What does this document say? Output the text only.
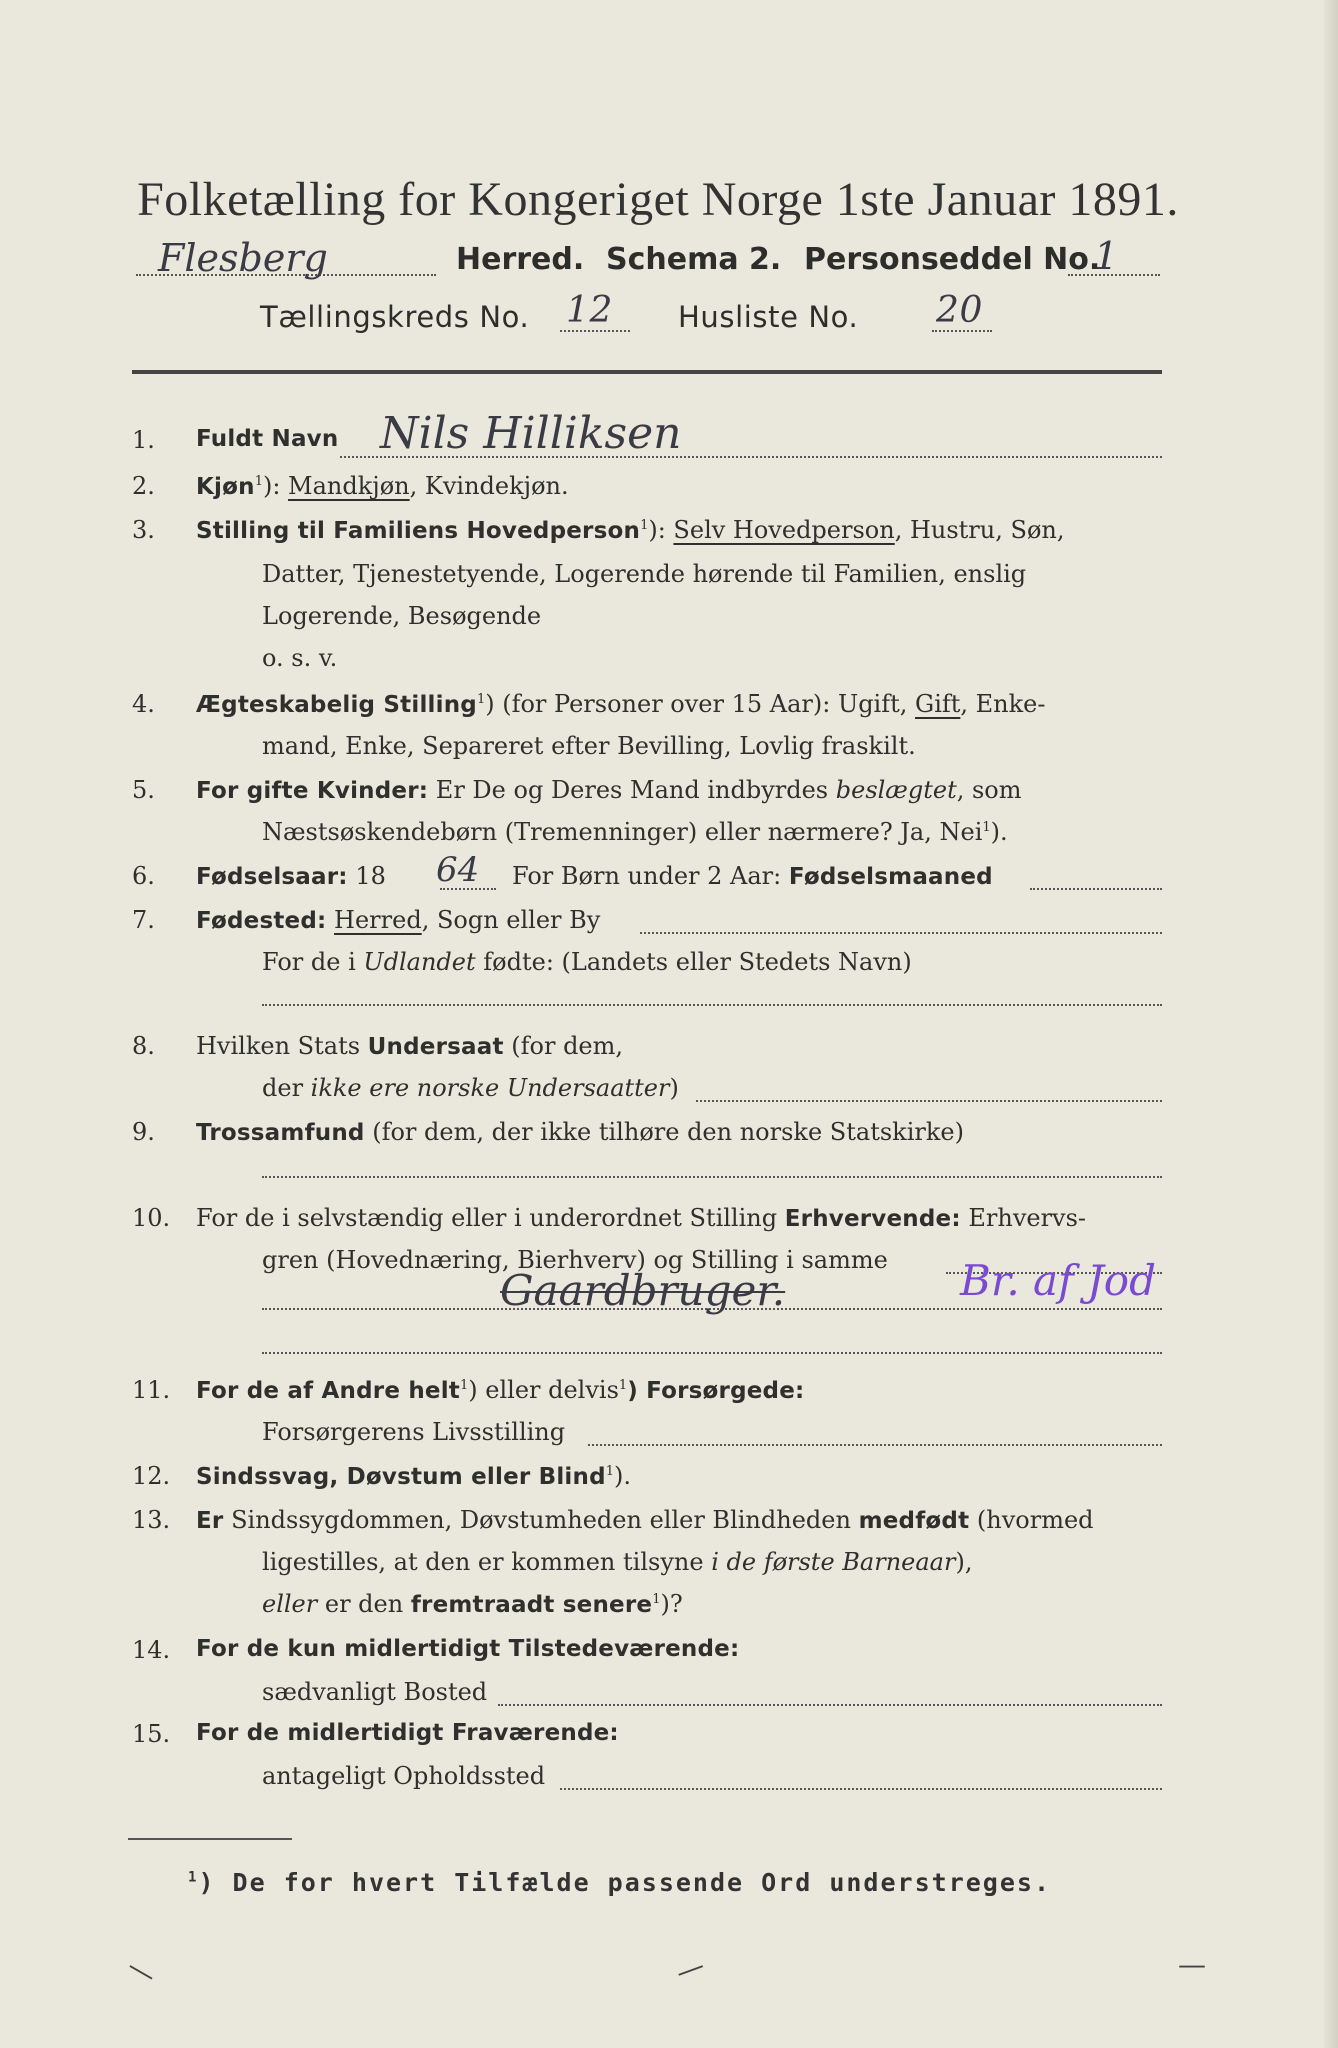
Folketælling for Kongeriget Norge 1ste Januar 1891.
Flesberg	Herred. Schema 2. Personseddel No.
1
Tællingskreds No. 12 Husliste No. 20
1.	Fuldt Navn Nils Hilliksen
2.	Kjøn$^1$): Mandkjøn, Kvindekjøn.
3.	Stilling til Familiens Hovedperson$^1$): Selv Hovedperson, Hustru, Søn,
Datter, Tjenestetyende, Logerende hørende til Familien, enslig
Logerende, Besøgende
o. s. v.
4.	Ægteskabelig Stilling$^1$) (for Personer over 15 Aar): Ugift, Gift, Enke-
mand, Enke, Separeret efter Bevilling, Lovlig fraskilt.
5.	For gifte Kvinder: Er De og Deres Mand indbyrdes beslægtet, som
Næstsøskendebørn (Tremenninger) eller nærmere? Ja, Nei$^1$).
6.	Fødselsaar: 18 64 For Børn under 2 Aar: Fødselsmaaned
7.	Fødested: Herred, Sogn eller By
For de i Udlandet fødte: (Landets eller Stedets Navn)
8.	Hvilken Stats Undersaat (for dem,
der ikke ere norske Undersaatter)
9.	Trossamfund (for dem, der ikke tilhøre den norske Statskirke)
10.	For de i selvstændig eller i underordnet Stilling Erhvervende: Erhvervs-
gren (Hovednæring, Bierhverv) og Stilling i samme
Gaardbruger.	Br. af Jod
11.	For de af Andre helt$^1$) eller delvis$^1$) Forsørgede:
Forsørgerens Livsstilling
12.	Sindssvag, Døvstum eller Blind$^1$).
13.	Er Sindssygdommen, Døvstumheden eller Blindheden medfødt (hvormed
ligestilles, at den er kommen tilsyne i de første Barneaar),
eller er den fremtraadt senere$^1$)?
14.	For de kun midlertidigt Tilstedeværende:
sædvanligt Bosted
15.	For de midlertidigt Fraværende:
antageligt Opholdssted
$^1$) De for hvert Tilfælde passende Ord understreges.
—	—	—
